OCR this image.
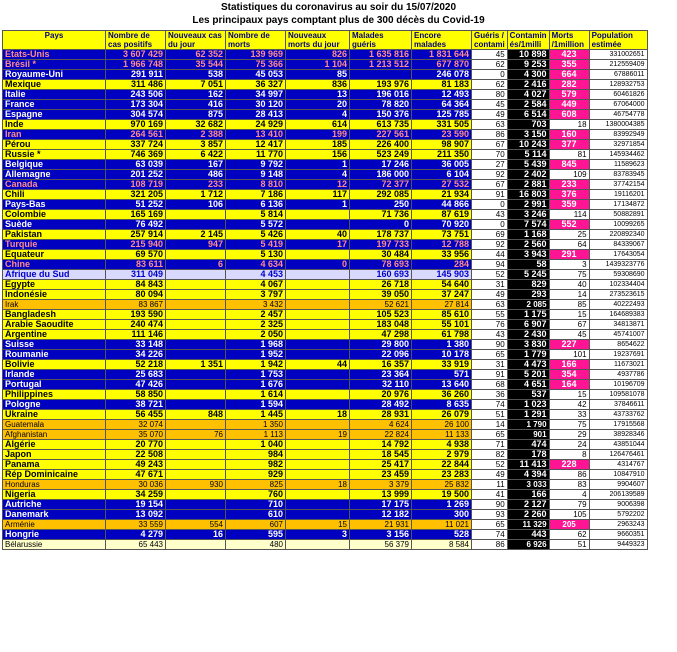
Statistiques du coronavirus au soir du 15/07/2020
Les principaux pays comptant plus de 300 décès du Covid-19
Pays	Nombre de cas positifs	Nouveaux cas du jour	Nombre de morts	Nouveaux morts du jour	Malades guéris	Encore malades	Guéris / contami	Contamin és/1milli	Morts /1million	Population estimée
Etats-Unis	3 607 429	62 352	139 969	826	1 635 816	1 831 644	45	10 898	423	331002651
Brésil *	1 966 748	35 544	75 366	1 104	1 213 512	677 870	62	9 253	355	212559409
Royaume-Uni	291 911	538	45 053	85		246 078	0	4 300	664	67886011
Mexique	311 486	7 051	36 327	836	193 976	81 183	62	2 416	282	128932753
Italie	243 506	162	34 997	13	196 016	12 493	80	4 027	579	60461826
France	173 304	416	30 120	20	78 820	64 364	45	2 584	449	67064000
Espagne	304 574	875	28 413	4	150 376	125 785	49	6 514	608	46754778
Inde	970 169	32 682	24 929	614	613 735	331 505	63	703	18	1380004385
Iran	264 561	2 388	13 410	199	227 561	23 590	86	3 150	160	83992949
Pérou	337 724	3 857	12 417	185	226 400	98 907	67	10 243	377	32971854
Russie *	746 369	6 422	11 770	156	523 249	211 350	70	5 114	81	145934462
Belgique	63 039	167	9 792	1	17 246	36 005	27	5 439	845	11589623
Allemagne	201 252	486	9 148	4	186 000	6 104	92	2 402	109	83783945
Canada	108 719	233	8 810	12	72 377	27 532	67	2 881	233	37742154
Chili	321 205	1 712	7 186	117	292 085	21 934	91	16 803	376	19116201
Pays-Bas	51 252	106	6 136	1	250	44 866	0	2 991	359	17134872
Colombie	165 169		5 814		71 736	87 619	43	3 246	114	50882891
Suède	76 492		5 572		0	70 920	0	7 574	552	10099265
Pakistan	257 914	2 145	5 426	40	178 737	73 751	69	1 168	25	220892340
Turquie	215 940	947	5 419	17	197 733	12 788	92	2 560	64	84339067
Equateur	69 570		5 130		30 484	33 956	44	3 943	291	17643054
Chine	83 611	6	4 634	0	78 693	284	94	58	3	1439323776
Afrique du Sud	311 049		4 453		160 693	145 903	52	5 245	75	59308690
Egypte	84 843		4 067		26 718	54 640	31	829	40	102334404
Indonésie	80 094		3 797		39 050	37 247	49	293	14	273523615
Irak	83 867		3 432		52 621	27 814	63	2 085	85	40222493
Bangladesh	193 590		2 457		105 523	85 610	55	1 175	15	164689383
Arabie Saoudite	240 474		2 325		183 048	55 101	76	6 907	67	34813871
Argentine	111 146		2 050		47 298	61 798	43	2 430	45	45741007
Suisse	33 148		1 968		29 800	1 380	90	3 830	227	8654622
Roumanie	34 226		1 952		22 096	10 178	65	1 779	101	19237691
Bolivie	52 218	1 351	1 942	44	16 357	33 919	31	4 473	166	11673021
Irlande	25 683		1 753		23 364	571	91	5 201	354	4937786
Portugal	47 426		1 676		32 110	13 640	68	4 651	164	10196709
Philippines	58 850		1 614		20 976	36 260	36	537	15	109581078
Pologne	38 721		1 594		28 492	8 635	74	1 023	42	37846611
Ukraine	56 455	848	1 445	18	28 931	26 079	51	1 291	33	43733762
Guatemala	32 074		1 350		4 624	26 100	14	1 790	75	17915568
Afghanistan	35 070	76	1 113	19	22 824	11 133	65	901	29	38928346
Algérie	20 770		1 040		14 792	4 938	71	474	24	43851044
Japon	22 508		984		18 545	2 979	82	178	8	126476461
Panama	49 243		982		25 417	22 844	52	11 413	228	4314767
Rép Dominicaine	47 671		929		23 459	23 283	49	4 394	86	10847910
Honduras	30 036	930	825	18	3 379	25 832	11	3 033	83	9904607
Nigeria	34 259		760		13 999	19 500	41	166	4	206139589
Autriche	19 154		710		17 175	1 269	90	2 127	79	9006398
Danemark	13 092		610		12 182	300	93	2 260	105	5792202
Arménie	33 559	554	607	15	21 931	11 021	65	11 329	205	2963243
Hongrie	4 279	16	595	3	3 156	528	74	443	62	9660351
Bélarussie	65 443		480		56 379	8 584	86	6 926	51	9449323
